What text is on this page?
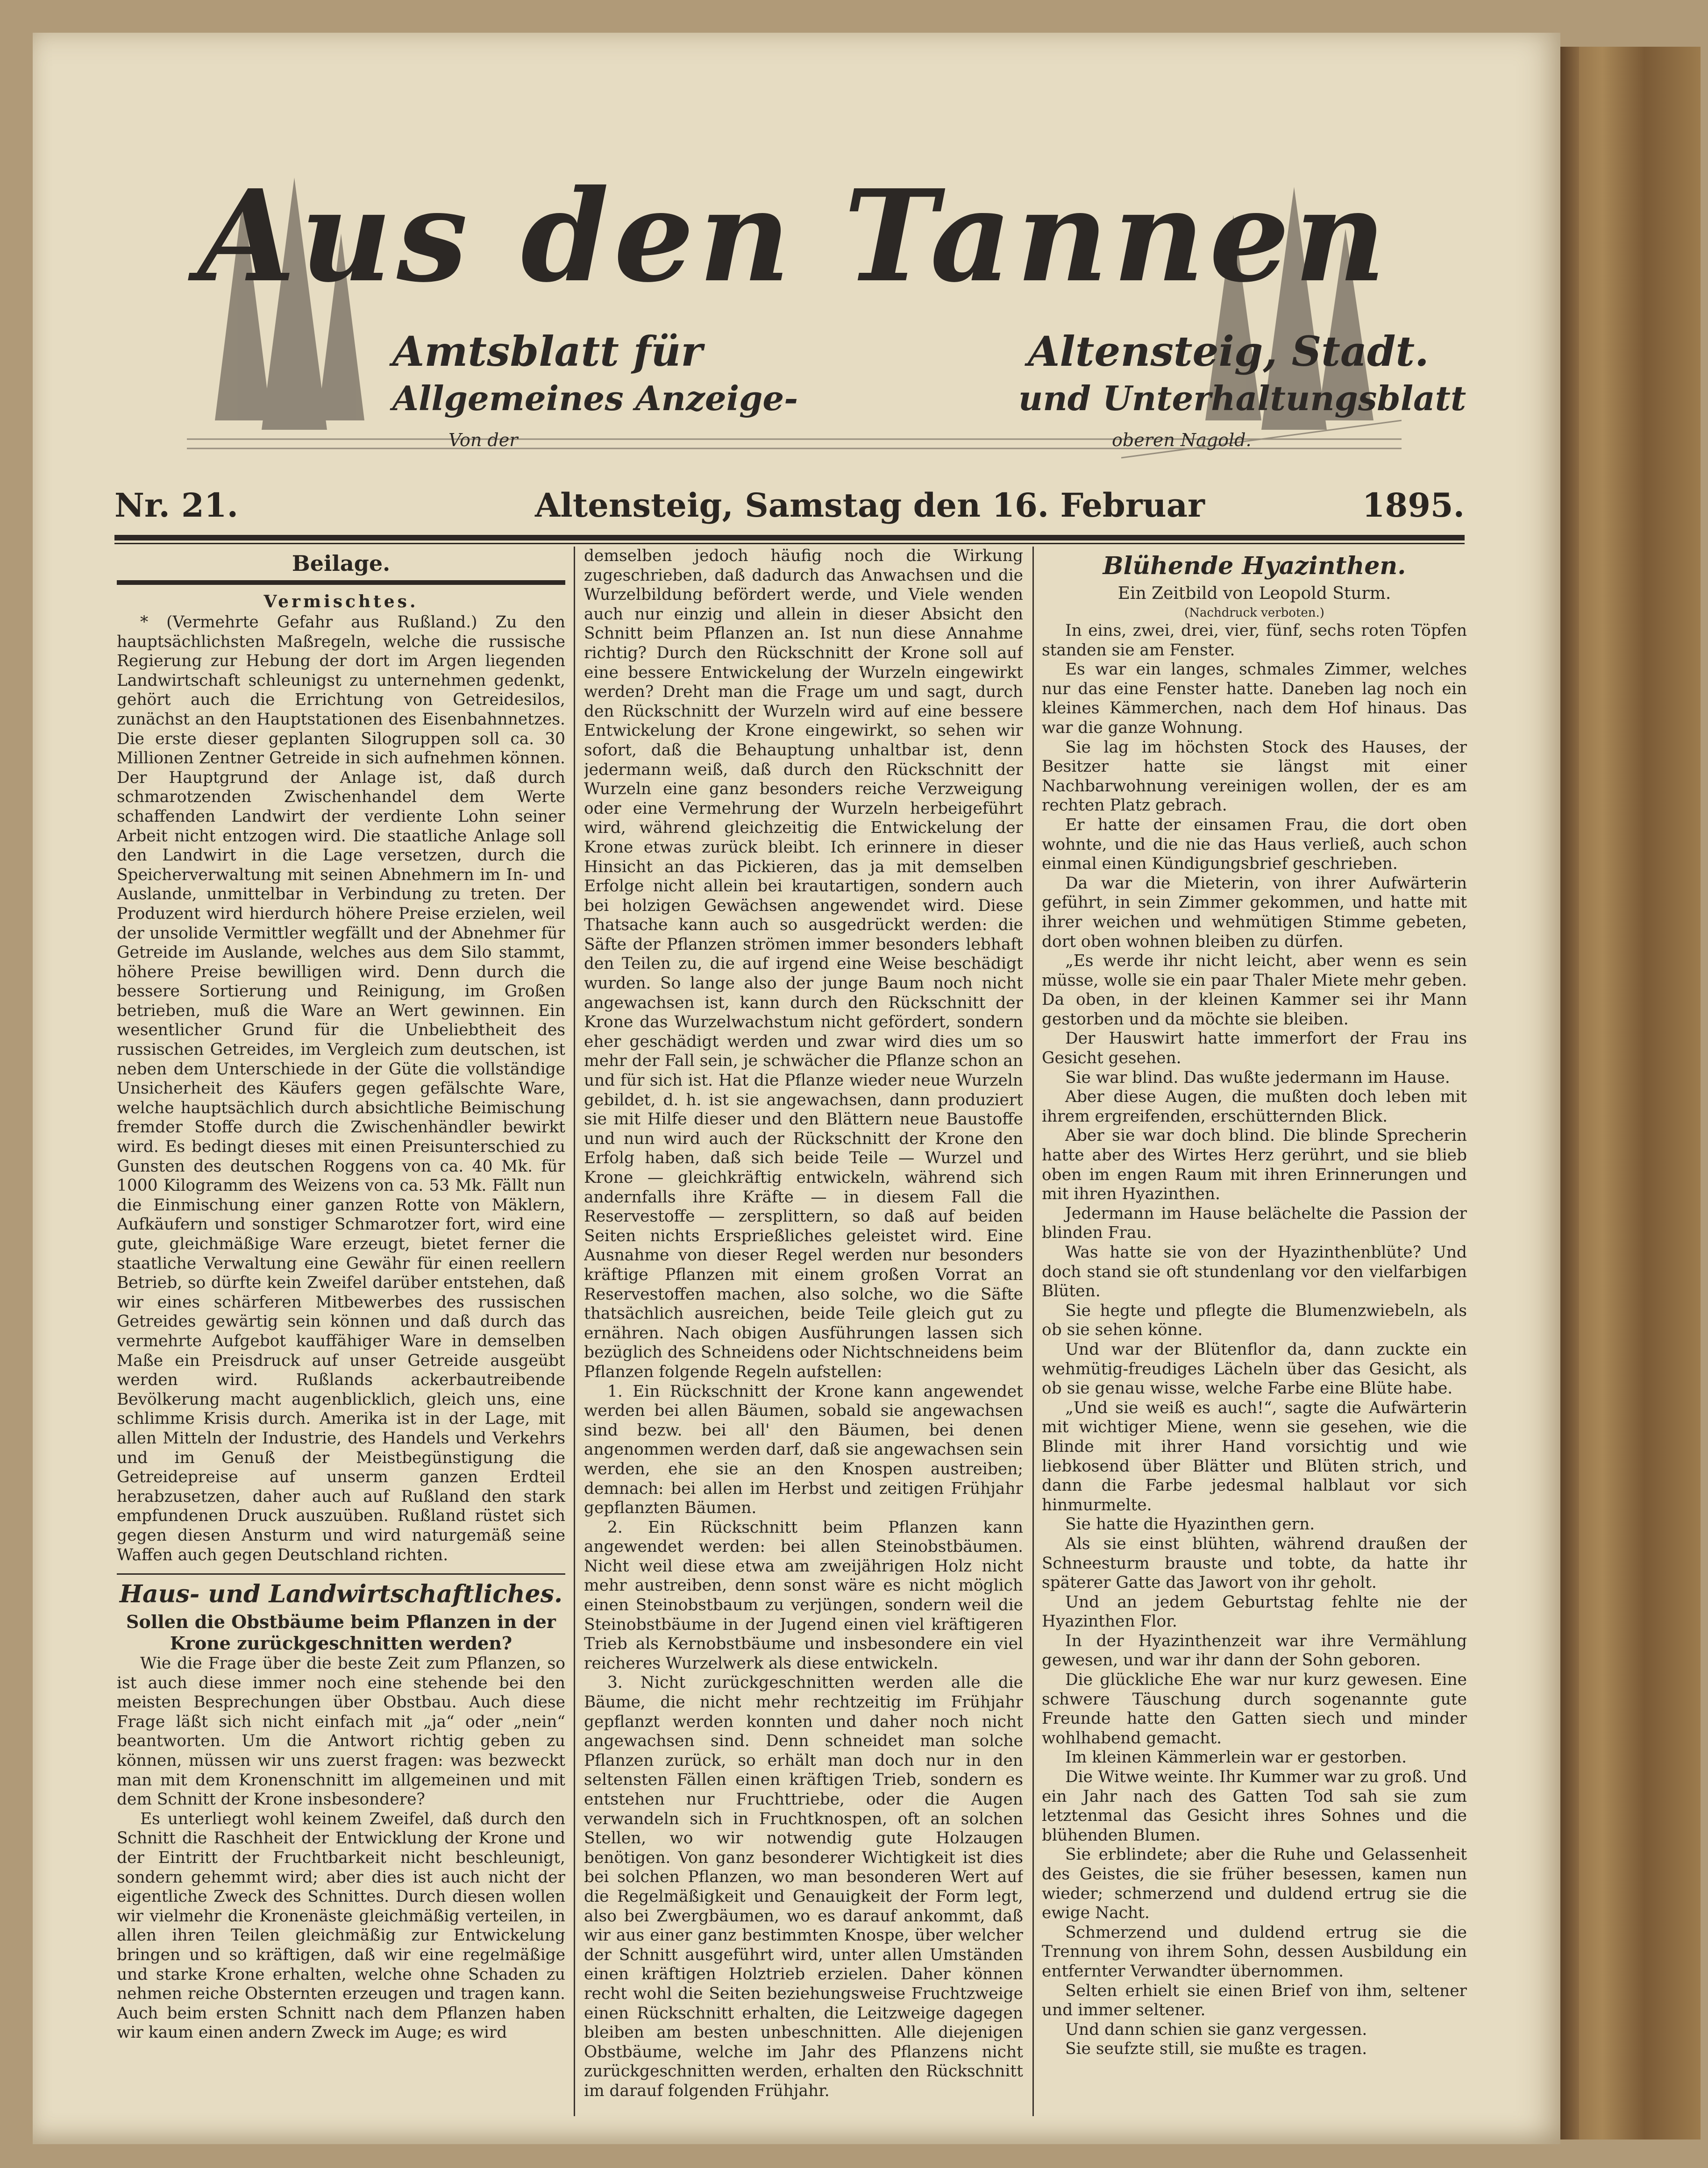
Aus den Tannen
Amtsblatt für	Altensteig, Stadt.
Allgemeines Anzeige-	und Unterhaltungsblatt
Von der	oberen Nagold.
Nr. 21.	Altensteig, Samstag den 16. Februar	1895.
Beilage.
Vermischtes.

* (Vermehrte Gefahr aus Rußland.) Zu den hauptsächlichsten Maßregeln, welche die russische Regierung zur Hebung der dort im Argen liegenden Landwirtschaft schleunigst zu unternehmen gedenkt, gehört auch die Errichtung von Getreidesilos, zunächst an den Hauptstationen des Eisenbahnnetzes. Die erste dieser geplanten Silogruppen soll ca. 30 Millionen Zentner Getreide in sich aufnehmen können. Der Hauptgrund der Anlage ist, daß durch schmarotzenden Zwischenhandel dem Werte schaffenden Landwirt der verdiente Lohn seiner Arbeit nicht entzogen wird. Die staatliche Anlage soll den Landwirt in die Lage versetzen, durch die Speicherverwaltung mit seinen Abnehmern im In- und Auslande, unmittelbar in Verbindung zu treten. Der Produzent wird hierdurch höhere Preise erzielen, weil der unsolide Vermittler wegfällt und der Abnehmer für Getreide im Auslande, welches aus dem Silo stammt, höhere Preise bewilligen wird. Denn durch die bessere Sortierung und Reinigung, im Großen betrieben, muß die Ware an Wert gewinnen. Ein wesentlicher Grund für die Unbeliebtheit des russischen Getreides, im Vergleich zum deutschen, ist neben dem Unterschiede in der Güte die vollständige Unsicherheit des Käufers gegen gefälschte Ware, welche hauptsächlich durch absichtliche Beimischung fremder Stoffe durch die Zwischenhändler bewirkt wird. Es bedingt dieses mit einen Preisunterschied zu Gunsten des deutschen Roggens von ca. 40 Mk. für 1000 Kilogramm des Weizens von ca. 53 Mk. Fällt nun die Einmischung einer ganzen Rotte von Mäklern, Aufkäufern und sonstiger Schmarotzer fort, wird eine gute, gleichmäßige Ware erzeugt, bietet ferner die staatliche Verwaltung eine Gewähr für einen reellern Betrieb, so dürfte kein Zweifel darüber entstehen, daß wir eines schärferen Mitbewerbes des russischen Getreides gewärtig sein können und daß durch das vermehrte Aufgebot kauffähiger Ware in demselben Maße ein Preisdruck auf unser Getreide ausgeübt werden wird. Rußlands ackerbautreibende Bevölkerung macht augenblicklich, gleich uns, eine schlimme Krisis durch. Amerika ist in der Lage, mit allen Mitteln der Industrie, des Handels und Verkehrs und im Genuß der Meistbegünstigung die Getreidepreise auf unserm ganzen Erdteil herabzusetzen, daher auch auf Rußland den stark empfundenen Druck auszuüben. Rußland rüstet sich gegen diesen Ansturm und wird naturgemäß seine Waffen auch gegen Deutschland richten.

Haus- und Landwirtschaftliches.
Sollen die Obstbäume beim Pflanzen in der Krone zurückgeschnitten werden?

Wie die Frage über die beste Zeit zum Pflanzen, so ist auch diese immer noch eine stehende bei den meisten Besprechungen über Obstbau. Auch diese Frage läßt sich nicht einfach mit „ja“ oder „nein“ beantworten. Um die Antwort richtig geben zu können, müssen wir uns zuerst fragen: was bezweckt man mit dem Kronenschnitt im allgemeinen und mit dem Schnitt der Krone insbesondere?

Es unterliegt wohl keinem Zweifel, daß durch den Schnitt die Raschheit der Entwicklung der Krone und der Eintritt der Fruchtbarkeit nicht beschleunigt, sondern gehemmt wird; aber dies ist auch nicht der eigentliche Zweck des Schnittes. Durch diesen wollen wir vielmehr die Kronenäste gleichmäßig verteilen, in allen ihren Teilen gleichmäßig zur Entwickelung bringen und so kräftigen, daß wir eine regelmäßige und starke Krone erhalten, welche ohne Schaden zu nehmen reiche Obsternten erzeugen und tragen kann. Auch beim ersten Schnitt nach dem Pflanzen haben wir kaum einen andern Zweck im Auge; es wird

demselben jedoch häufig noch die Wirkung zugeschrieben, daß dadurch das Anwachsen und die Wurzelbildung befördert werde, und Viele wenden auch nur einzig und allein in dieser Absicht den Schnitt beim Pflanzen an. Ist nun diese Annahme richtig? Durch den Rückschnitt der Krone soll auf eine bessere Entwickelung der Wurzeln eingewirkt werden? Dreht man die Frage um und sagt, durch den Rückschnitt der Wurzeln wird auf eine bessere Entwickelung der Krone eingewirkt, so sehen wir sofort, daß die Behauptung unhaltbar ist, denn jedermann weiß, daß durch den Rückschnitt der Wurzeln eine ganz besonders reiche Verzweigung oder eine Vermehrung der Wurzeln herbeigeführt wird, während gleichzeitig die Entwickelung der Krone etwas zurück bleibt. Ich erinnere in dieser Hinsicht an das Pickieren, das ja mit demselben Erfolge nicht allein bei krautartigen, sondern auch bei holzigen Gewächsen angewendet wird. Diese Thatsache kann auch so ausgedrückt werden: die Säfte der Pflanzen strömen immer besonders lebhaft den Teilen zu, die auf irgend eine Weise beschädigt wurden. So lange also der junge Baum noch nicht angewachsen ist, kann durch den Rückschnitt der Krone das Wurzelwachstum nicht gefördert, sondern eher geschädigt werden und zwar wird dies um so mehr der Fall sein, je schwächer die Pflanze schon an und für sich ist. Hat die Pflanze wieder neue Wurzeln gebildet, d. h. ist sie angewachsen, dann produziert sie mit Hilfe dieser und den Blättern neue Baustoffe und nun wird auch der Rückschnitt der Krone den Erfolg haben, daß sich beide Teile — Wurzel und Krone — gleichkräftig entwickeln, während sich andernfalls ihre Kräfte — in diesem Fall die Reservestoffe — zersplittern, so daß auf beiden Seiten nichts Ersprießliches geleistet wird. Eine Ausnahme von dieser Regel werden nur besonders kräftige Pflanzen mit einem großen Vorrat an Reservestoffen machen, also solche, wo die Säfte thatsächlich ausreichen, beide Teile gleich gut zu ernähren. Nach obigen Ausführungen lassen sich bezüglich des Schneidens oder Nichtschneidens beim Pflanzen folgende Regeln aufstellen:

1. Ein Rückschnitt der Krone kann angewendet werden bei allen Bäumen, sobald sie angewachsen sind bezw. bei all' den Bäumen, bei denen angenommen werden darf, daß sie angewachsen sein werden, ehe sie an den Knospen austreiben; demnach: bei allen im Herbst und zeitigen Frühjahr gepflanzten Bäumen.

2. Ein Rückschnitt beim Pflanzen kann angewendet werden: bei allen Steinobstbäumen. Nicht weil diese etwa am zweijährigen Holz nicht mehr austreiben, denn sonst wäre es nicht möglich einen Steinobstbaum zu verjüngen, sondern weil die Steinobstbäume in der Jugend einen viel kräftigeren Trieb als Kernobstbäume und insbesondere ein viel reicheres Wurzelwerk als diese entwickeln.

3. Nicht zurückgeschnitten werden alle die Bäume, die nicht mehr rechtzeitig im Frühjahr gepflanzt werden konnten und daher noch nicht angewachsen sind. Denn schneidet man solche Pflanzen zurück, so erhält man doch nur in den seltensten Fällen einen kräftigen Trieb, sondern es entstehen nur Fruchttriebe, oder die Augen verwandeln sich in Fruchtknospen, oft an solchen Stellen, wo wir notwendig gute Holzaugen benötigen. Von ganz besonderer Wichtigkeit ist dies bei solchen Pflanzen, wo man besonderen Wert auf die Regelmäßigkeit und Genauigkeit der Form legt, also bei Zwergbäumen, wo es darauf ankommt, daß wir aus einer ganz bestimmten Knospe, über welcher der Schnitt ausgeführt wird, unter allen Umständen einen kräftigen Holztrieb erzielen. Daher können recht wohl die Seiten beziehungsweise Fruchtzweige einen Rückschnitt erhalten, die Leitzweige dagegen bleiben am besten unbeschnitten. Alle diejenigen Obstbäume, welche im Jahr des Pflanzens nicht zurückgeschnitten werden, erhalten den Rückschnitt im darauf folgenden Frühjahr.

Blühende Hyazinthen.
Ein Zeitbild von Leopold Sturm.
(Nachdruck verboten.)

In eins, zwei, drei, vier, fünf, sechs roten Töpfen standen sie am Fenster.

Es war ein langes, schmales Zimmer, welches nur das eine Fenster hatte. Daneben lag noch ein kleines Kämmerchen, nach dem Hof hinaus. Das war die ganze Wohnung.

Sie lag im höchsten Stock des Hauses, der Besitzer hatte sie längst mit einer Nachbarwohnung vereinigen wollen, der es am rechten Platz gebrach.

Er hatte der einsamen Frau, die dort oben wohnte, und die nie das Haus verließ, auch schon einmal einen Kündigungsbrief geschrieben.

Da war die Mieterin, von ihrer Aufwärterin geführt, in sein Zimmer gekommen, und hatte mit ihrer weichen und wehmütigen Stimme gebeten, dort oben wohnen bleiben zu dürfen.

„Es werde ihr nicht leicht, aber wenn es sein müsse, wolle sie ein paar Thaler Miete mehr geben. Da oben, in der kleinen Kammer sei ihr Mann gestorben und da möchte sie bleiben.

Der Hauswirt hatte immerfort der Frau ins Gesicht gesehen.

Sie war blind. Das wußte jedermann im Hause.

Aber diese Augen, die mußten doch leben mit ihrem ergreifenden, erschütternden Blick.

Aber sie war doch blind. Die blinde Sprecherin hatte aber des Wirtes Herz gerührt, und sie blieb oben im engen Raum mit ihren Erinnerungen und mit ihren Hyazinthen.

Jedermann im Hause belächelte die Passion der blinden Frau.

Was hatte sie von der Hyazinthenblüte? Und doch stand sie oft stundenlang vor den vielfarbigen Blüten.

Sie hegte und pflegte die Blumenzwiebeln, als ob sie sehen könne.

Und war der Blütenflor da, dann zuckte ein wehmütig-freudiges Lächeln über das Gesicht, als ob sie genau wisse, welche Farbe eine Blüte habe.

„Und sie weiß es auch!“, sagte die Aufwärterin mit wichtiger Miene, wenn sie gesehen, wie die Blinde mit ihrer Hand vorsichtig und wie liebkosend über Blätter und Blüten strich, und dann die Farbe jedesmal halblaut vor sich hinmurmelte.

Sie hatte die Hyazinthen gern.

Als sie einst blühten, während draußen der Schneesturm brauste und tobte, da hatte ihr späterer Gatte das Jawort von ihr geholt.

Und an jedem Geburtstag fehlte nie der Hyazinthen Flor.

In der Hyazinthenzeit war ihre Vermählung gewesen, und war ihr dann der Sohn geboren.

Die glückliche Ehe war nur kurz gewesen. Eine schwere Täuschung durch sogenannte gute Freunde hatte den Gatten siech und minder wohlhabend gemacht.

Im kleinen Kämmerlein war er gestorben.

Die Witwe weinte. Ihr Kummer war zu groß. Und ein Jahr nach des Gatten Tod sah sie zum letztenmal das Gesicht ihres Sohnes und die blühenden Blumen.

Sie erblindete; aber die Ruhe und Gelassenheit des Geistes, die sie früher besessen, kamen nun wieder; schmerzend und duldend ertrug sie die ewige Nacht.

Schmerzend und duldend ertrug sie die Trennung von ihrem Sohn, dessen Ausbildung ein entfernter Verwandter übernommen.

Selten erhielt sie einen Brief von ihm, seltener und immer seltener.

Und dann schien sie ganz vergessen.

Sie seufzte still, sie mußte es tragen.
